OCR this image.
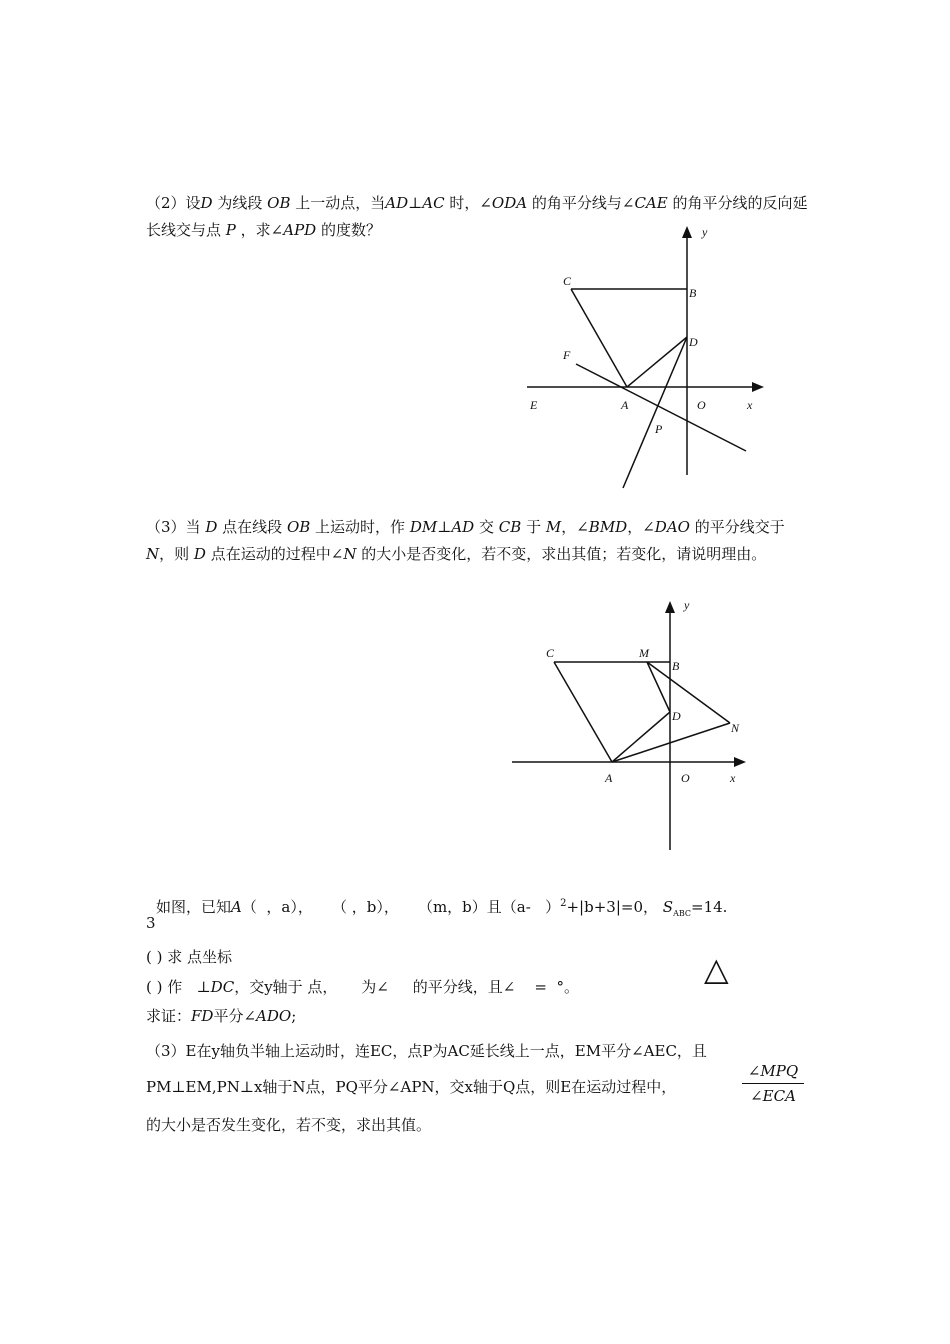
（2）设D 为线段 OB 上一动点，当AD⊥AC 时，∠ODA 的角平分线与∠CAE 的角平分线的反向延长线交与点 P ，求∠APD 的度数？	y
C
B
D
F
E	A	O	x
P
（3）当 D 点在线段 OB 上运动时，作 DM⊥AD 交 CB 于 M，∠BMD，∠DAO 的平分线交于 N，则 D 点在运动的过程中∠N 的大小是否变化，若不变，求出其值；若变化，请说明理由。
y
C	M
B
D
N
A	O	x
3
如图，已知A（ ，a）， （ ，b）， （m，b）且（a- ）$^2$+|b+3|=0， $S_{ABC}=14$.
( ) 求 点坐标
( ) 作 ⊥DC，交y轴于 点， 为∠ 的平分线，且∠ = °。	△
求证：FD平分∠ADO;
（3）E在y轴负半轴上运动时，连EC，点P为AC延长线上一点，EM平分∠AEC，且
PM⊥EM,PN⊥x轴于N点，PQ平分∠APN，交x轴于Q点，则E在运动过程中，
∠MPQ
∠ECA
的大小是否发生变化，若不变，求出其值。
